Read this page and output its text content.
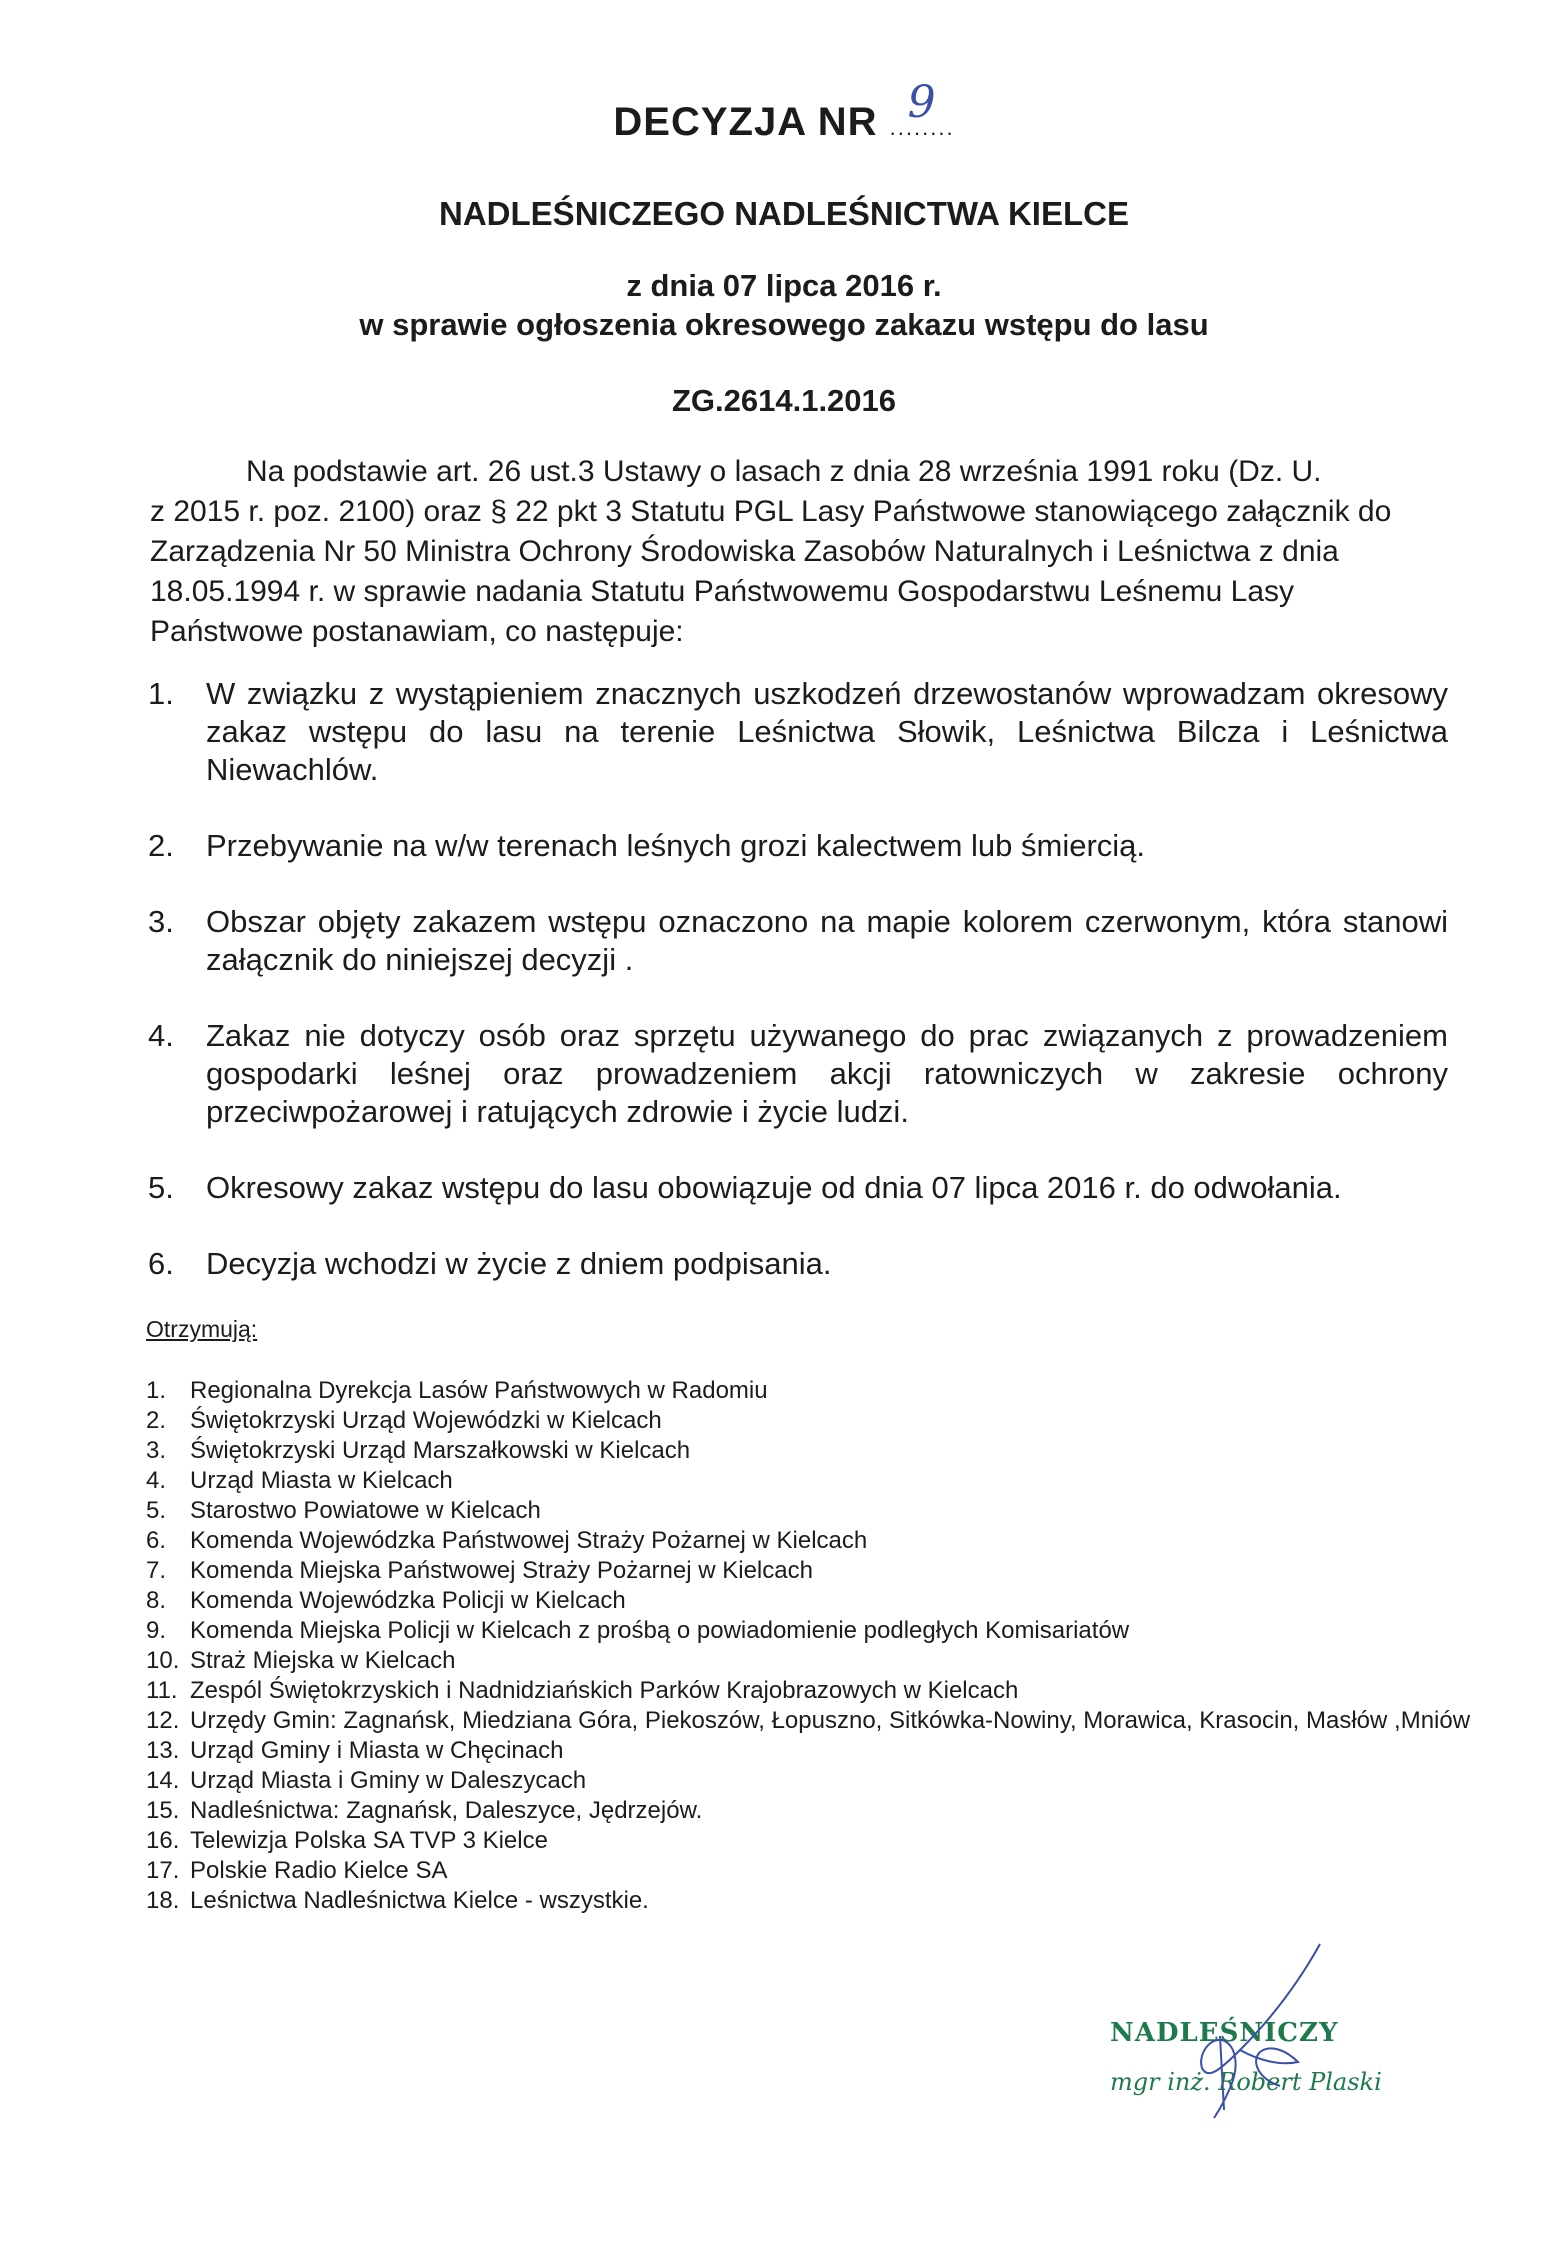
DECYZJA NR ........
9
NADLEŚNICZEGO NADLEŚNICTWA KIELCE
z dnia 07 lipca 2016 r.
w sprawie ogłoszenia okresowego zakazu wstępu do lasu
ZG.2614.1.2016
Na podstawie art. 26 ust.3 Ustawy o lasach z dnia 28 września 1991 roku (Dz. U.
z 2015 r. poz. 2100) oraz § 22 pkt 3 Statutu PGL Lasy Państwowe stanowiącego załącznik do Zarządzenia Nr 50 Ministra Ochrony Środowiska Zasobów Naturalnych i Leśnictwa z dnia 18.05.1994 r. w sprawie nadania Statutu Państwowemu Gospodarstwu Leśnemu Lasy Państwowe postanawiam, co następuje:
1. W związku z wystąpieniem znacznych uszkodzeń drzewostanów wprowadzam okresowy zakaz wstępu do lasu na terenie Leśnictwa Słowik, Leśnictwa Bilcza i Leśnictwa Niewachlów.
2. Przebywanie na w/w terenach leśnych grozi kalectwem lub śmiercią.
3. Obszar objęty zakazem wstępu oznaczono na mapie kolorem czerwonym, która stanowi załącznik do niniejszej decyzji .
4. Zakaz nie dotyczy osób oraz sprzętu używanego do prac związanych z prowadzeniem gospodarki leśnej oraz prowadzeniem akcji ratowniczych w zakresie ochrony przeciwpożarowej i ratujących zdrowie i życie ludzi.
5. Okresowy zakaz wstępu do lasu obowiązuje od dnia 07 lipca 2016 r. do odwołania.
6. Decyzja wchodzi w życie z dniem podpisania.
Otrzymują:
1. Regionalna Dyrekcja Lasów Państwowych w Radomiu
2. Świętokrzyski Urząd Wojewódzki w Kielcach
3. Świętokrzyski Urząd Marszałkowski w Kielcach
4. Urząd Miasta w Kielcach
5. Starostwo Powiatowe w Kielcach
6. Komenda Wojewódzka Państwowej Straży Pożarnej w Kielcach
7. Komenda Miejska Państwowej Straży Pożarnej w Kielcach
8. Komenda Wojewódzka Policji w Kielcach
9. Komenda Miejska Policji w Kielcach z prośbą o powiadomienie podległych Komisariatów
10. Straż Miejska w Kielcach
11. Zespól Świętokrzyskich i Nadnidziańskich Parków Krajobrazowych w Kielcach
12. Urzędy Gmin: Zagnańsk, Miedziana Góra, Piekoszów, Łopuszno, Sitkówka-Nowiny, Morawica, Krasocin, Masłów ,Mniów
13. Urząd Gminy i Miasta w Chęcinach
14. Urząd Miasta i Gminy w Daleszycach
15. Nadleśnictwa: Zagnańsk, Daleszyce, Jędrzejów.
16. Telewizja Polska SA TVP 3 Kielce
17. Polskie Radio Kielce SA
18. Leśnictwa Nadleśnictwa Kielce - wszystkie.
NADLEŚNICZY
mgr inż. Robert Plaski
